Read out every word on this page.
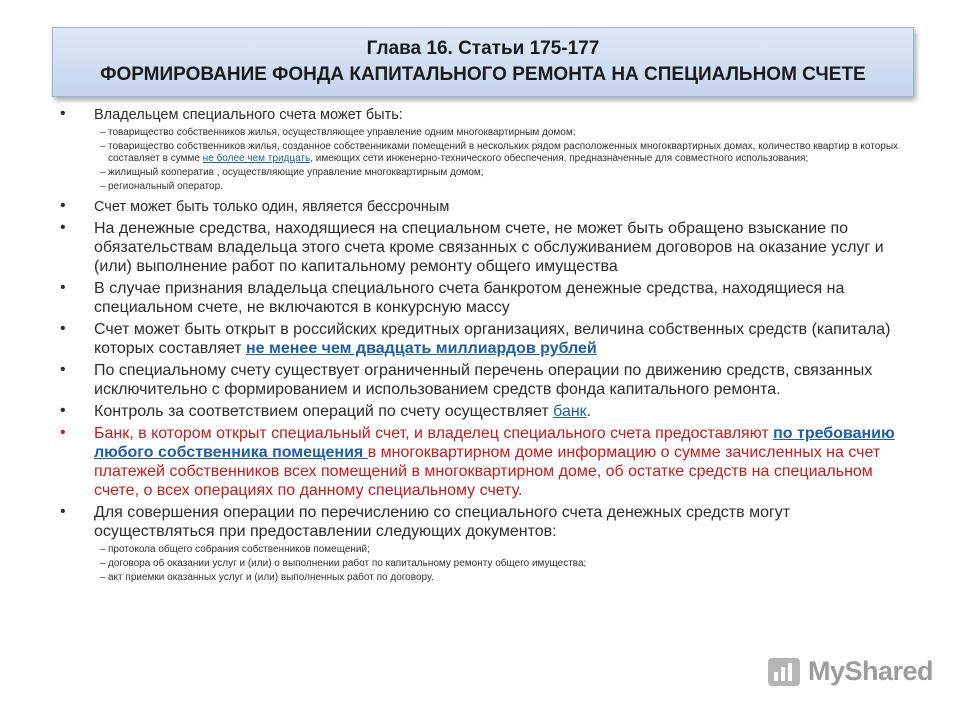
Глава 16. Статьи 175-177
ФОРМИРОВАНИЕ ФОНДА КАПИТАЛЬНОГО РЕМОНТА НА СПЕЦИАЛЬНОМ СЧЕТЕ
• Владельцем специального счета может быть:
– товарищество собственников жилья, осуществляющее управление одним многоквартирным домом;
– товарищество собственников жилья, созданное собственниками помещений в нескольких рядом расположенных многоквартирных домах, количество квартир в которых составляет в сумме не более чем тридцать, имеющих сети инженерно-технического обеспечения, предназначенные для совместного использования;
– жилищный кооператив , осуществляющие управление многоквартирным домом;
– региональный оператор.
• Счет может быть только один, является бессрочным
• На денежные средства, находящиеся на специальном счете, не может быть обращено взыскание по обязательствам владельца этого счета кроме связанных с обслуживанием договоров на оказание услуг и (или) выполнение работ по капитальному ремонту общего имущества
• В случае признания владельца специального счета банкротом денежные средства, находящиеся на специальном счете, не включаются в конкурсную массу
• Счет может быть открыт в российских кредитных организациях, величина собственных средств (капитала) которых составляет не менее чем двадцать миллиардов рублей
• По специальному счету существует ограниченный перечень операции по движению средств, связанных исключительно с формированием и использованием средств фонда капитального ремонта.
• Контроль за соответствием операций по счету осуществляет банк.
• Банк, в котором открыт специальный счет, и владелец специального счета предоставляют по требованию любого собственника помещения в многоквартирном доме информацию о сумме зачисленных на счет платежей собственников всех помещений в многоквартирном доме, об остатке средств на специальном счете, о всех операциях по данному специальному счету.
• Для совершения операции по перечислению со специального счета денежных средств могут осуществляться при предоставлении следующих документов:
– протокола общего собрания собственников помещений;
– договора об оказании услуг и (или) о выполнении работ по капитальному ремонту общего имущества;
– акт приемки оказанных услуг и (или) выполненных работ по договору.
MyShared
